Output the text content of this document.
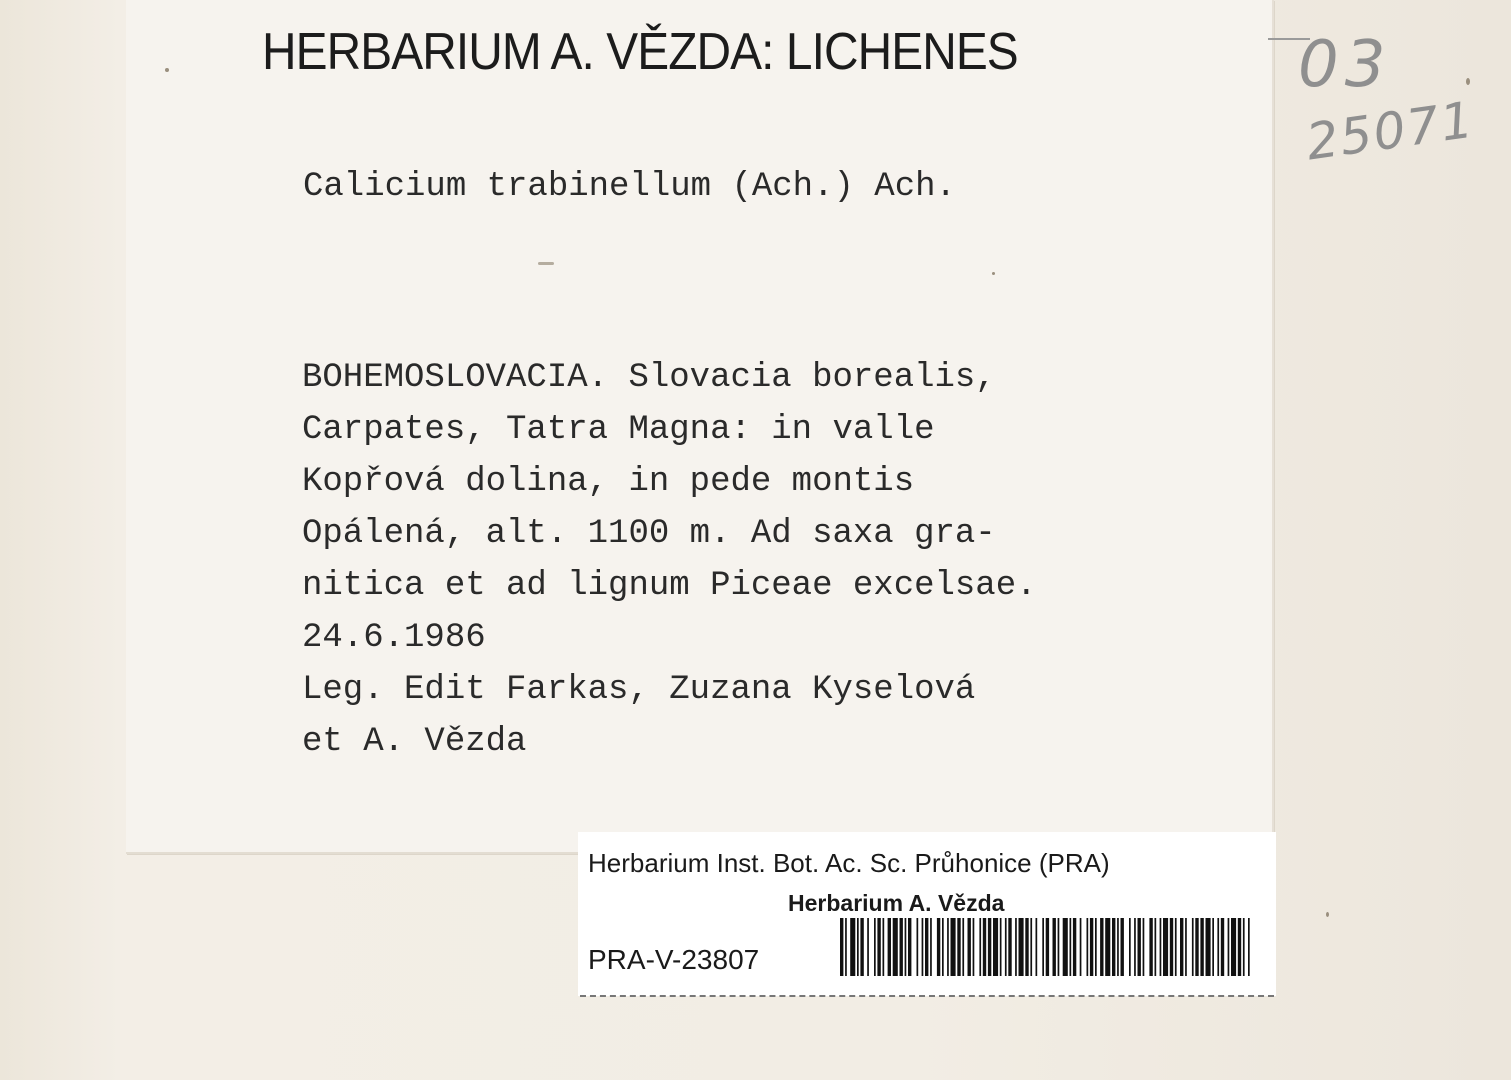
HERBARIUM A. VĚZDA: LICHENES
Calicium trabinellum (Ach.) Ach.
BOHEMOSLOVACIA. Slovacia borealis,
Carpates, Tatra Magna: in valle
Kopřová dolina, in pede montis
Opálená, alt. 1100 m. Ad saxa gra-
nitica et ad lignum Piceae excelsae.
24.6.1986
Leg. Edit Farkas, Zuzana Kyselová
et A. Vězda
03
25071
Herbarium Inst. Bot. Ac. Sc. Průhonice (PRA)
Herbarium A. Vězda
PRA-V-23807
